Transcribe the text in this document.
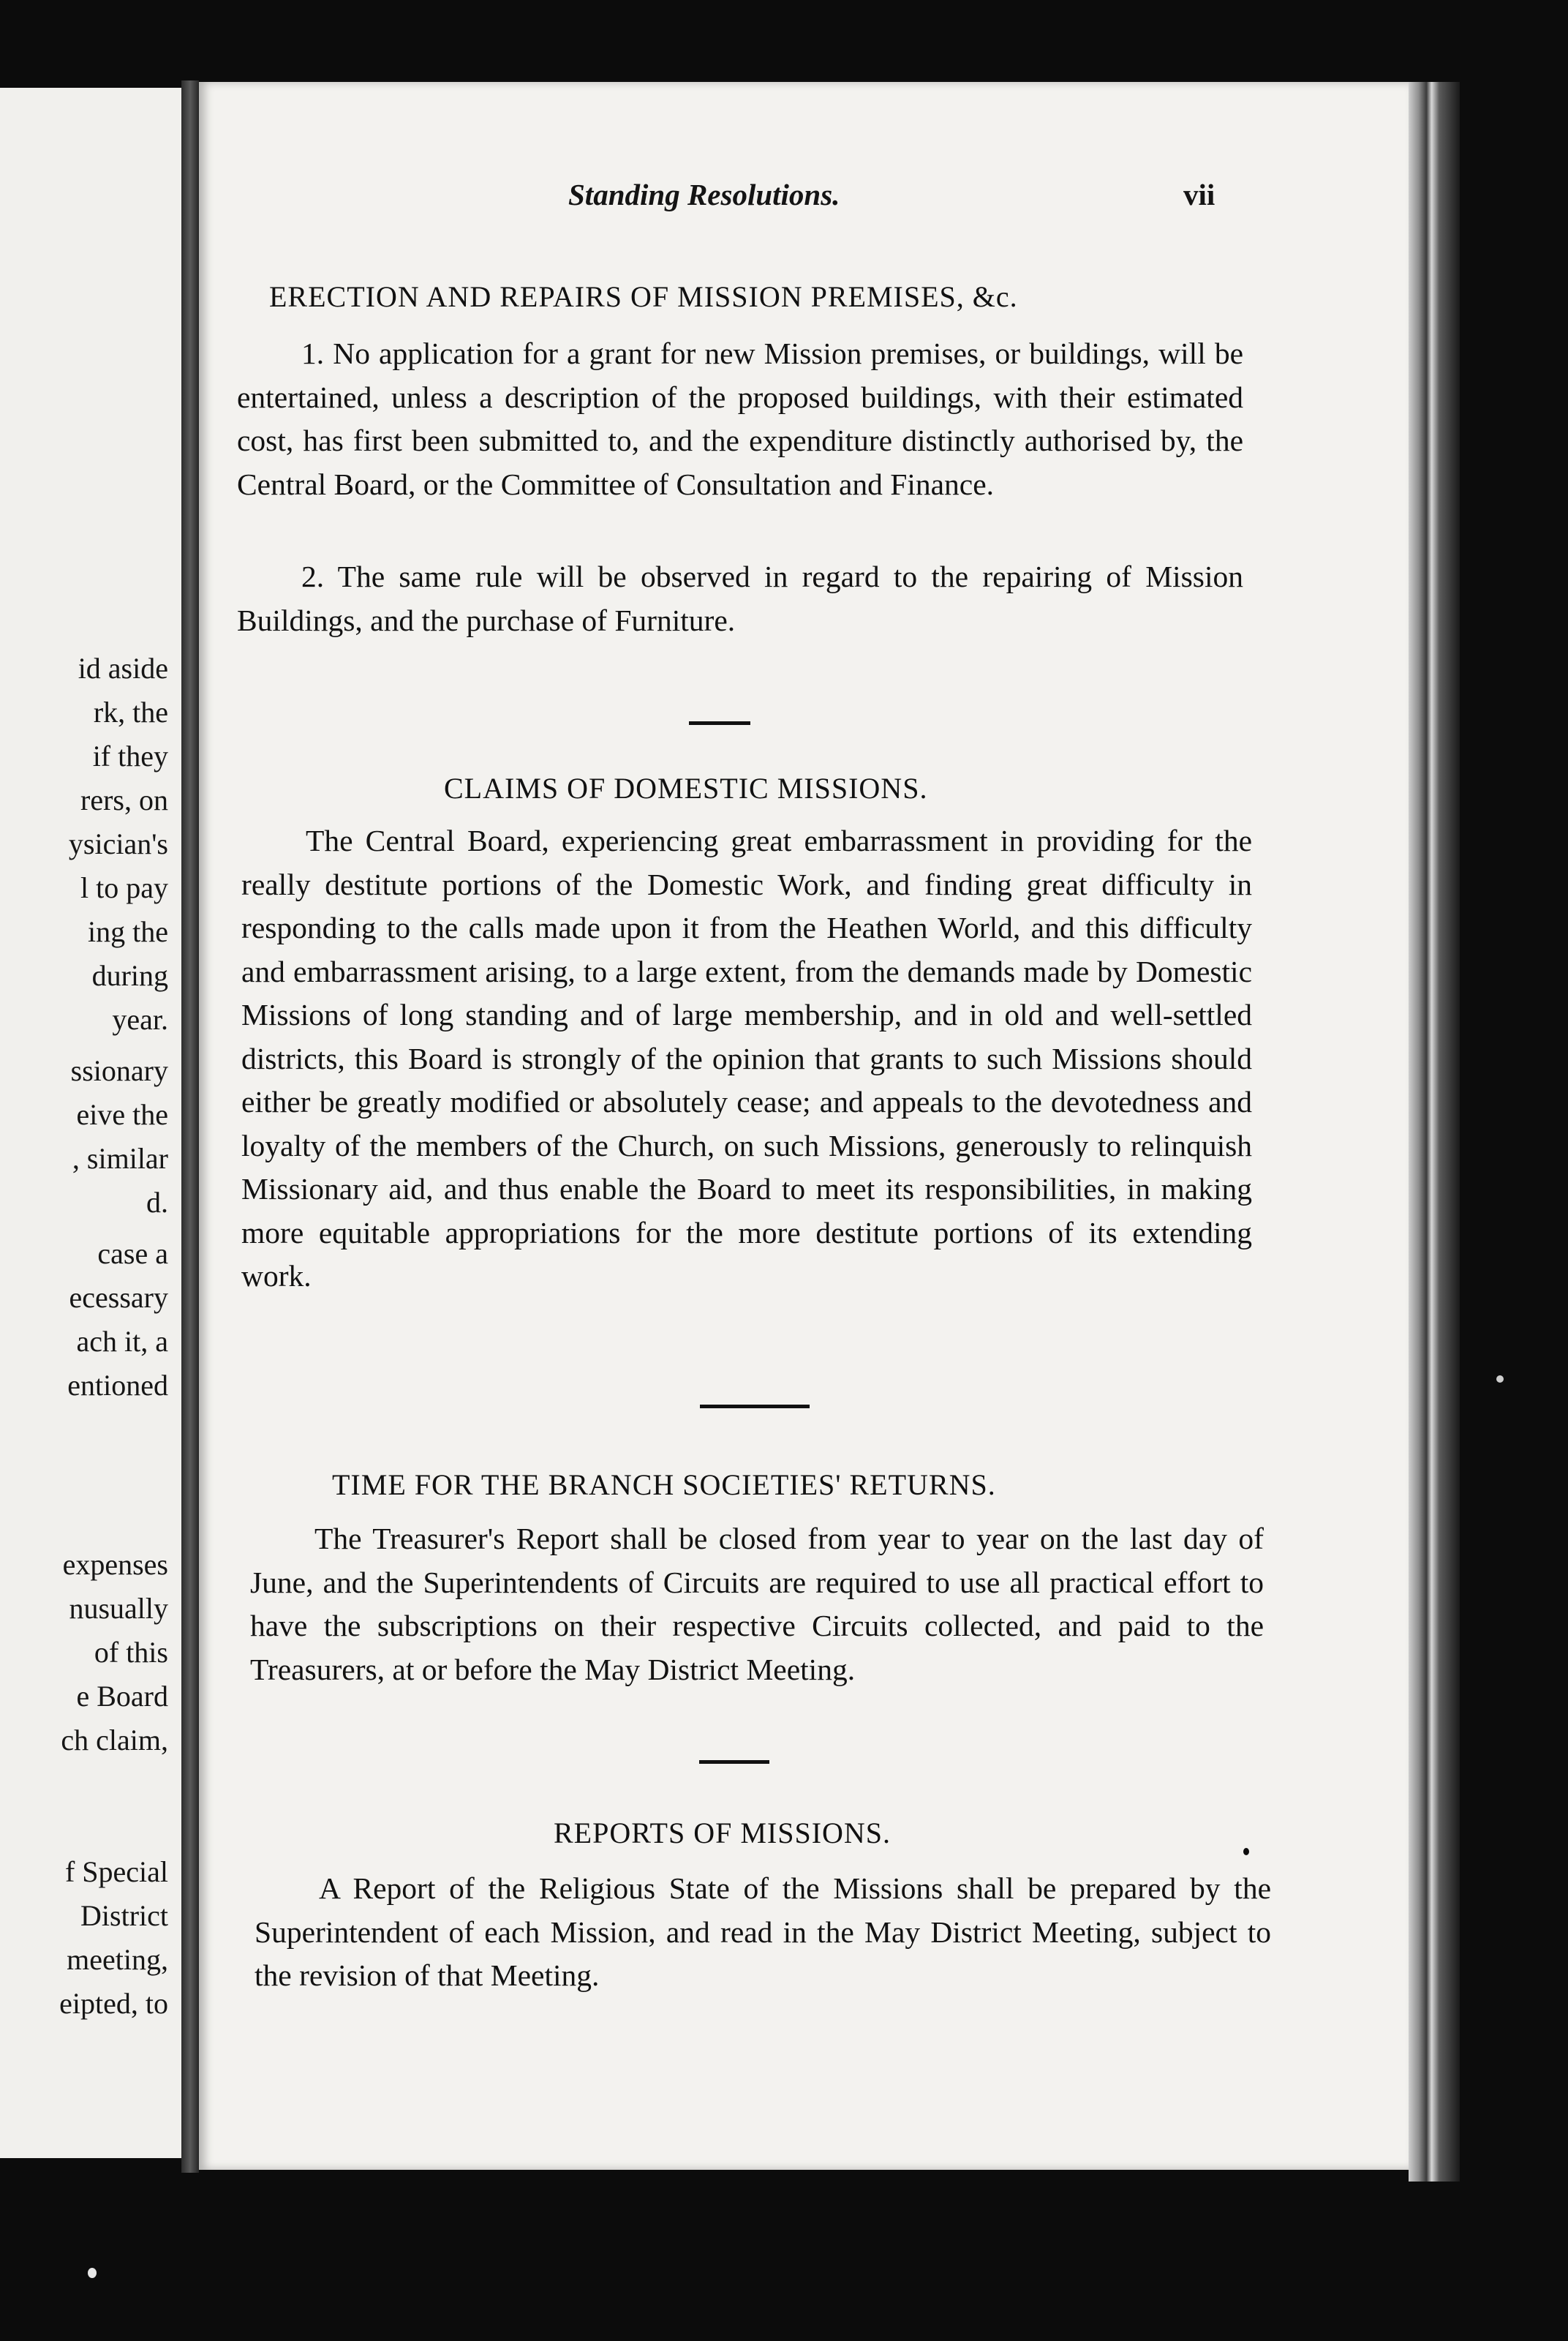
id aside
rk, the
if they
rers, on
ysician's
l to pay
ing the
during
year.
ssionary
eive the
, similar
d.
case a
ecessary
ach it, a
entioned
expenses
nusually
of this
e Board
ch claim,
f Special
District
meeting,
eipted, to
Standing Resolutions.	vii
ERECTION AND REPAIRS OF MISSION PREMISES, &c.
1. No application for a grant for new Mission premises, or buildings, will be entertained, unless a description of the proposed buildings, with their estimated cost, has first been submitted to, and the expenditure distinctly authorised by, the Central Board, or the Committee of Consultation and Finance.
2. The same rule will be observed in regard to the repairing of Mission Buildings, and the purchase of Furniture.
CLAIMS OF DOMESTIC MISSIONS.
The Central Board, experiencing great embarrassment in providing for the really destitute portions of the Domestic Work, and finding great difficulty in responding to the calls made upon it from the Heathen World, and this difficulty and embarrassment arising, to a large extent, from the demands made by Domestic Missions of long standing and of large membership, and in old and well-settled districts, this Board is strongly of the opinion that grants to such Missions should either be greatly modified or absolutely cease; and appeals to the devotedness and loyalty of the members of the Church, on such Missions, generously to relinquish Missionary aid, and thus enable the Board to meet its responsibilities, in making more equitable appropriations for the more destitute portions of its extending work.
TIME FOR THE BRANCH SOCIETIES' RETURNS.
The Treasurer's Report shall be closed from year to year on the last day of June, and the Superintendents of Circuits are required to use all practical effort to have the subscriptions on their respective Circuits collected, and paid to the Treasurers, at or before the May District Meeting.
REPORTS OF MISSIONS.
A Report of the Religious State of the Missions shall be prepared by the Superintendent of each Mission, and read in the May District Meeting, subject to the revision of that Meeting.
